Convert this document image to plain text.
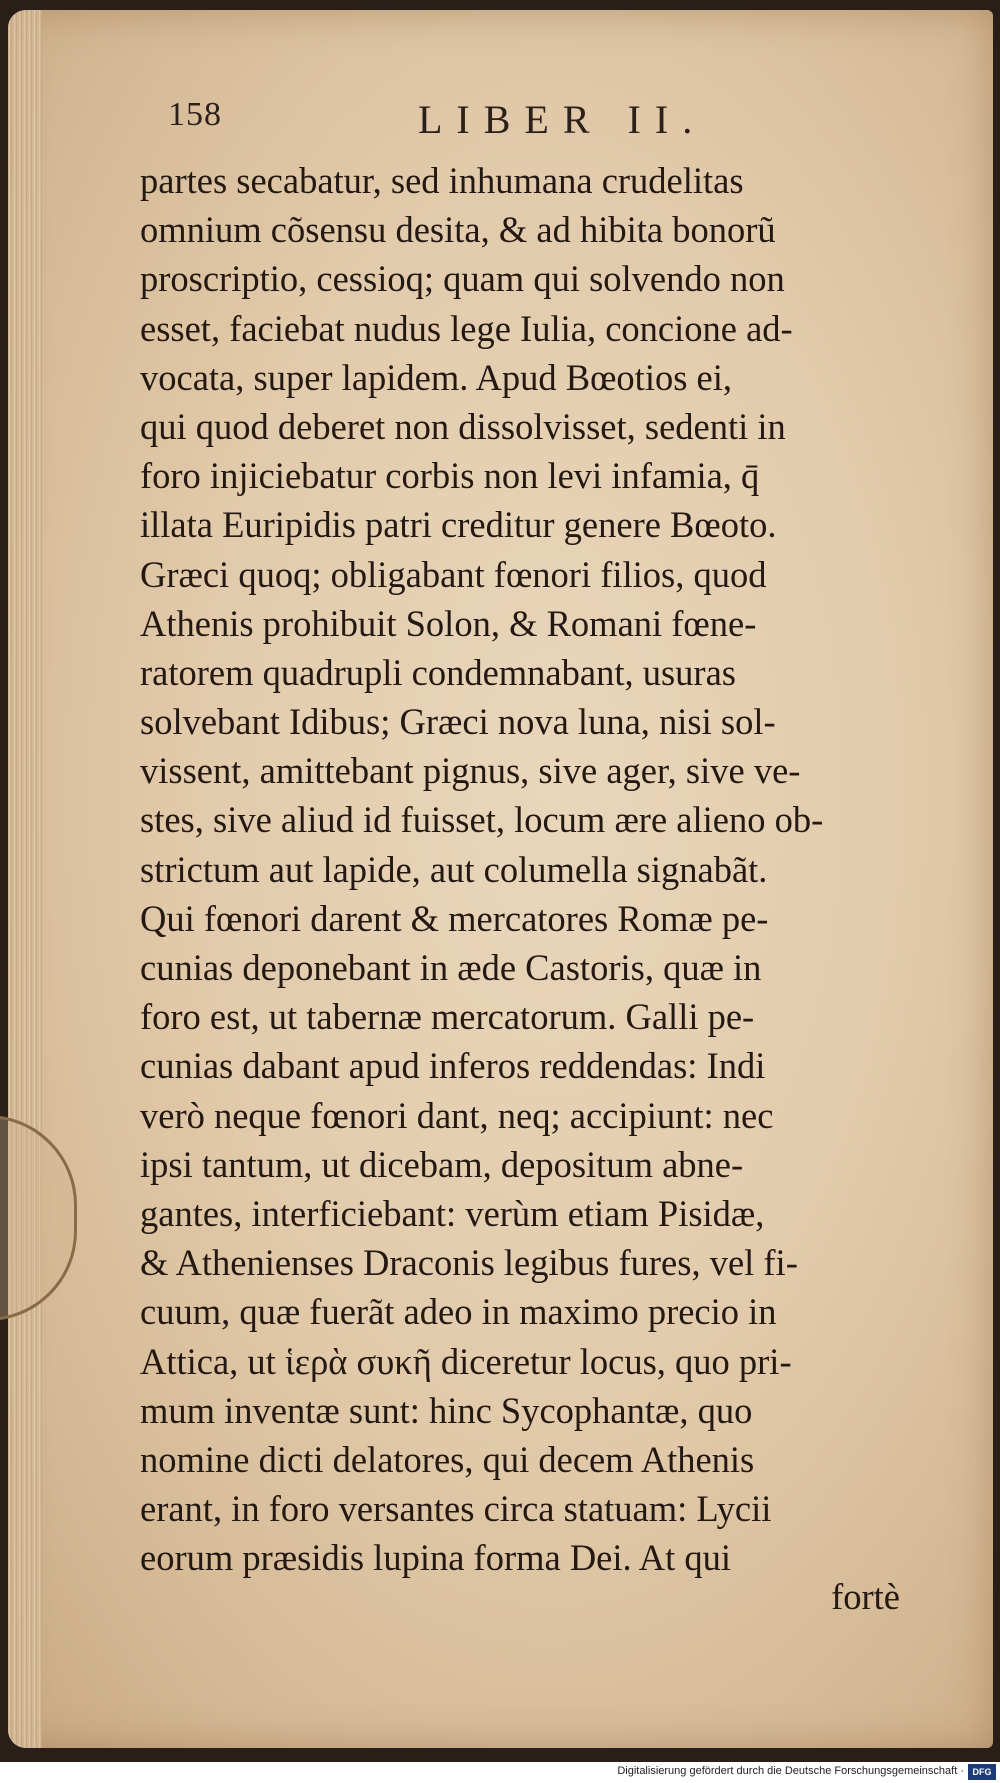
158	LIBER II.
partes secabatur, sed inhumana crudelitas
omnium cõsensu desita, & ad hibita bonorũ
proscriptio, cessioq; quam qui solvendo non
esset, faciebat nudus lege Iulia, concione ad-
vocata, super lapidem. Apud Bœotios ei,
qui quod deberet non dissolvisset, sedenti in
foro injiciebatur corbis non levi infamia, q̄
illata Euripidis patri creditur genere Bœoto.
Græci quoq; obligabant fœnori filios, quod
Athenis prohibuit Solon, & Romani fœne-
ratorem quadrupli condemnabant, usuras
solvebant Idibus; Græci nova luna, nisi sol-
vissent, amittebant pignus, sive ager, sive ve-
stes, sive aliud id fuisset, locum ære alieno ob-
strictum aut lapide, aut columella signabãt.
Qui fœnori darent & mercatores Romæ pe-
cunias deponebant in æde Castoris, quæ in
foro est, ut tabernæ mercatorum. Galli pe-
cunias dabant apud inferos reddendas: Indi
verò neque fœnori dant, neq; accipiunt: nec
ipsi tantum, ut dicebam, depositum abne-
gantes, interficiebant: verùm etiam Pisidæ,
& Athenienses Draconis legibus fures, vel fi-
cuum, quæ fuerãt adeo in maximo precio in
Attica, ut ἱερὰ συκῆ diceretur locus, quo pri-
mum inventæ sunt: hinc Sycophantæ, quo
nomine dicti delatores, qui decem Athenis
erant, in foro versantes circa statuam: Lycii
eorum præsidis lupina forma Dei. At qui
fortè
Digitalisierung gefördert durch die Deutsche Forschungsgemeinschaft · DFG
